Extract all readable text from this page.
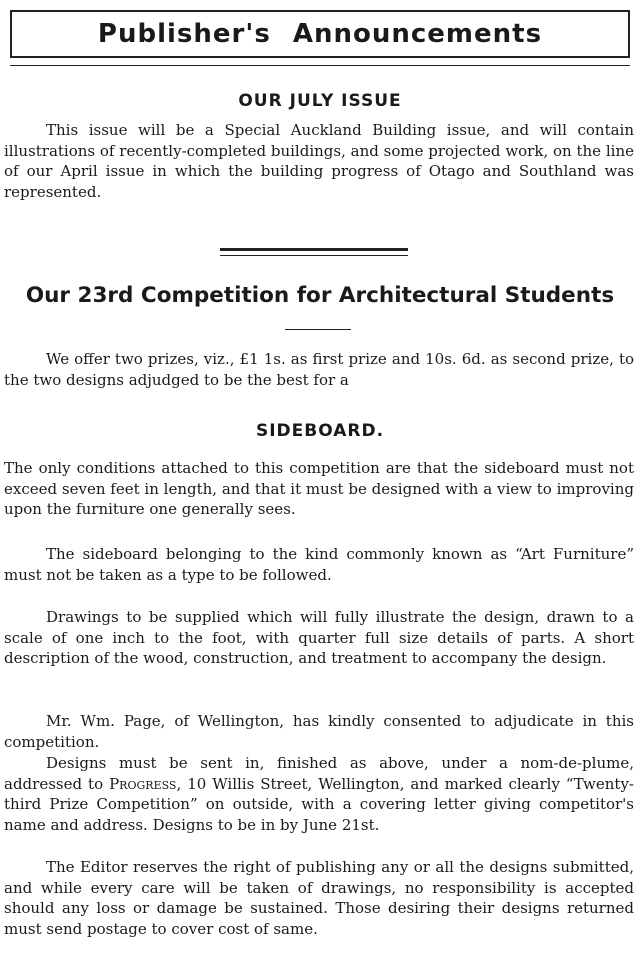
Publisher's Announcements
OUR JULY ISSUE

This issue will be a Special Auckland Building issue, and will contain illustrations of recently-completed buildings, and some projected work, on the line of our April issue in which the building progress of Otago and Southland was represented.

Our 23rd Competition for Architectural Students

We offer two prizes, viz., £1 1s. as first prize and 10s. 6d. as second prize, to the two designs adjudged to be the best for a

SIDEBOARD.

The only conditions attached to this competition are that the sideboard must not exceed seven feet in length, and that it must be designed with a view to improving upon the furniture one generally sees.

The sideboard belonging to the kind commonly known as “Art Furniture” must not be taken as a type to be followed.

Drawings to be supplied which will fully illustrate the design, drawn to a scale of one inch to the foot, with quarter full size details of parts. A short description of the wood, construction, and treatment to accompany the design.

Mr. Wm. Page, of Wellington, has kindly consented to adjudicate in this competition.

Designs must be sent in, finished as above, under a nom-de-plume, addressed to Progress, 10 Willis Street, Wellington, and marked clearly “Twenty-third Prize Competition” on outside, with a covering letter giving competitor's name and address. Designs to be in by June 21st.

The Editor reserves the right of publishing any or all the designs submitted, and while every care will be taken of drawings, no responsibility is accepted should any loss or damage be sustained. Those desiring their designs returned must send postage to cover cost of same.
